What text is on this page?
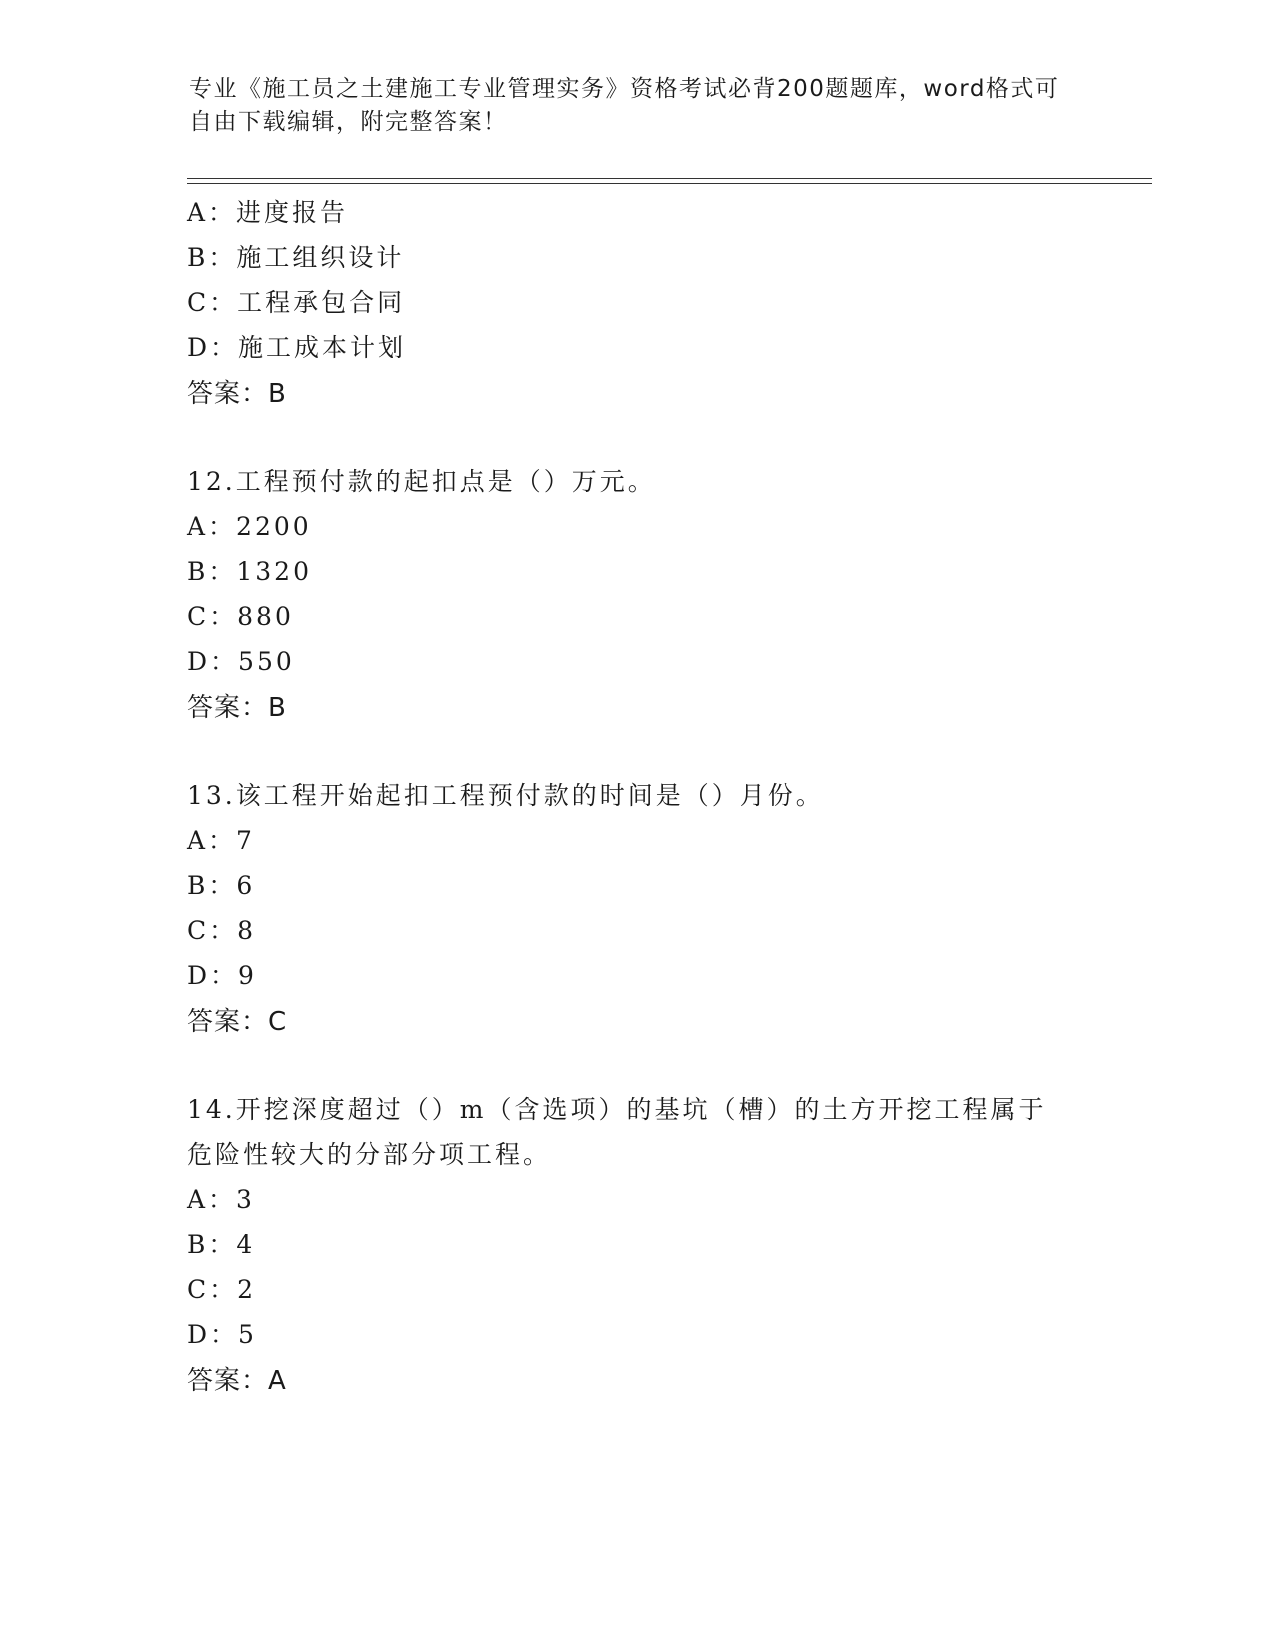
专业《施工员之土建施工专业管理实务》资格考试必背200题题库，word格式可
自由下载编辑，附完整答案！
A：进度报告
B：施工组织设计
C：工程承包合同
D：施工成本计划
答案：B
12.工程预付款的起扣点是（）万元。
A：2200
B：1320
C：880
D：550
答案：B
13.该工程开始起扣工程预付款的时间是（）月份。
A：7
B：6
C：8
D：9
答案：C
14.开挖深度超过（）m（含选项）的基坑（槽）的土方开挖工程属于
危险性较大的分部分项工程。
A：3
B：4
C：2
D：5
答案：A
